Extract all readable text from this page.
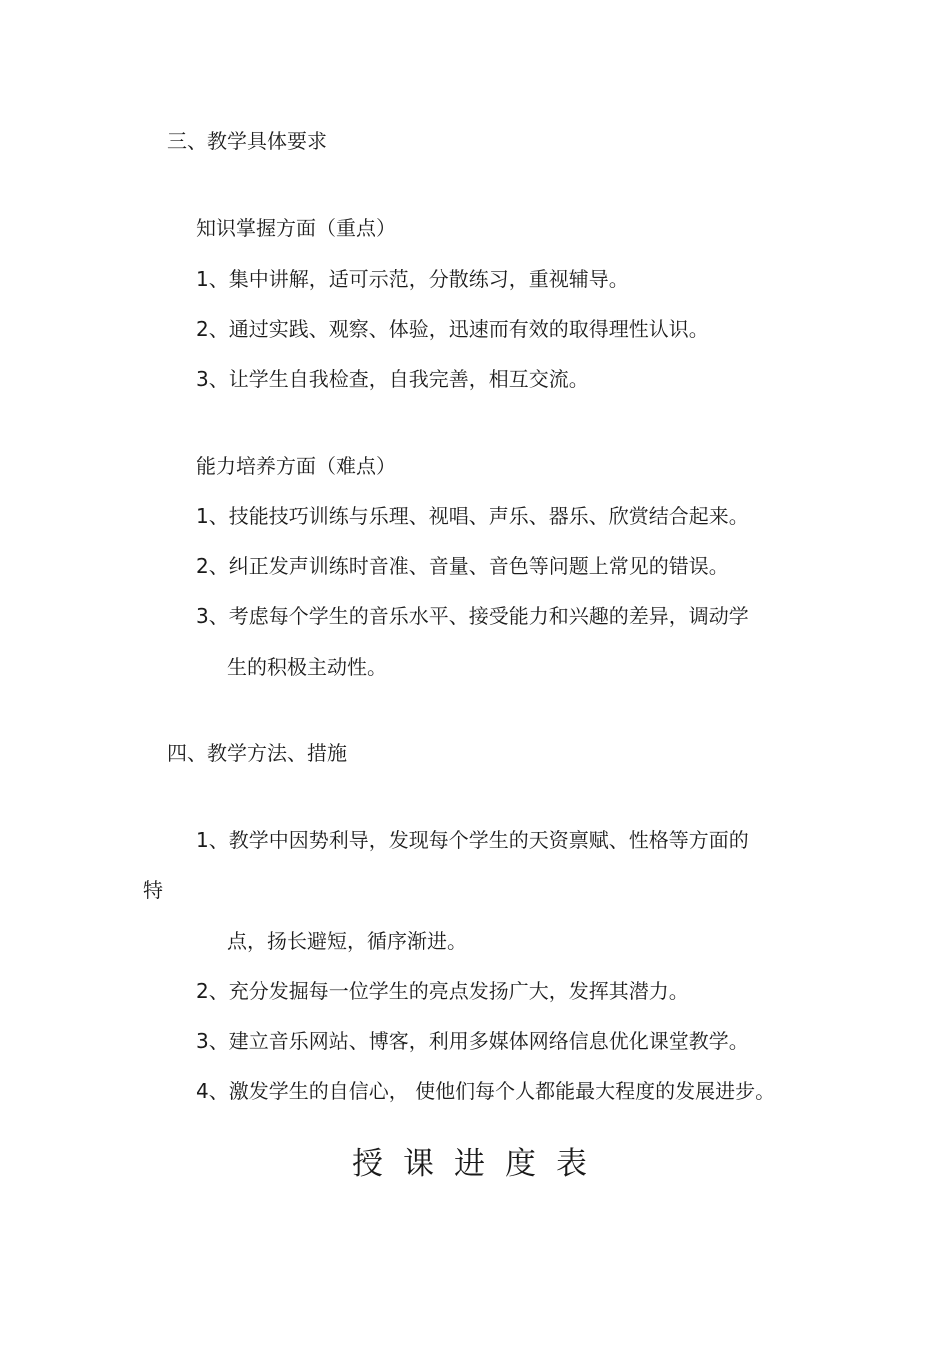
三、教学具体要求
知识掌握方面（重点）
1、集中讲解，适可示范，分散练习，重视辅导。
2、通过实践、观察、体验，迅速而有效的取得理性认识。
3、让学生自我检查，自我完善，相互交流。
能力培养方面（难点）
1、技能技巧训练与乐理、视唱、声乐、器乐、欣赏结合起来。
2、纠正发声训练时音准、音量、音色等问题上常见的错误。
3、考虑每个学生的音乐水平、接受能力和兴趣的差异，调动学
生的积极主动性。
四、教学方法、措施
1、教学中因势利导，发现每个学生的天资禀赋、性格等方面的
特
点，扬长避短，循序渐进。
2、充分发掘每一位学生的亮点发扬广大，发挥其潜力。
3、建立音乐网站、博客，利用多媒体网络信息优化课堂教学。
4、激发学生的自信心， 使他们每个人都能最大程度的发展进步。
授课进度表
